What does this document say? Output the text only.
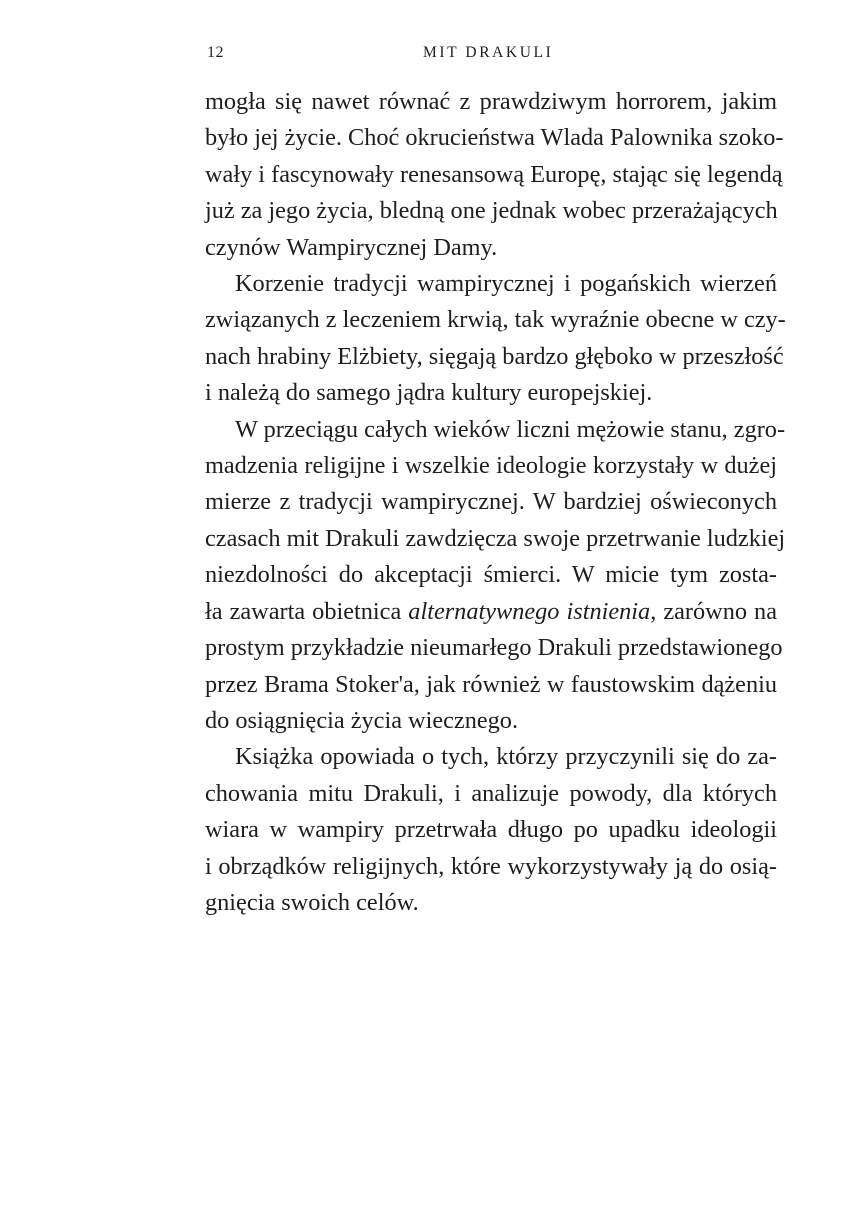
12	MIT DRAKULI

mogła się nawet równać z prawdziwym horrorem, jakim
było jej życie. Choć okrucieństwa Wlada Palownika szoko-
wały i fascynowały renesansową Europę, stając się legendą
już za jego życia, bledną one jednak wobec przerażających
czynów Wampirycznej Damy.

Korzenie tradycji wampirycznej i pogańskich wierzeń
związanych z leczeniem krwią, tak wyraźnie obecne w czy-
nach hrabiny Elżbiety, sięgają bardzo głęboko w przeszłość
i należą do samego jądra kultury europejskiej.

W przeciągu całych wieków liczni mężowie stanu, zgro-
madzenia religijne i wszelkie ideologie korzystały w dużej
mierze z tradycji wampirycznej. W bardziej oświeconych
czasach mit Drakuli zawdzięcza swoje przetrwanie ludzkiej
niezdolności do akceptacji śmierci. W micie tym zosta-
ła zawarta obietnica alternatywnego istnienia, zarówno na
prostym przykładzie nieumarłego Drakuli przedstawionego
przez Brama Stoker'a, jak również w faustowskim dążeniu
do osiągnięcia życia wiecznego.

Książka opowiada o tych, którzy przyczynili się do za-
chowania mitu Drakuli, i analizuje powody, dla których
wiara w wampiry przetrwała długo po upadku ideologii
i obrządków religijnych, które wykorzystywały ją do osią-
gnięcia swoich celów.
